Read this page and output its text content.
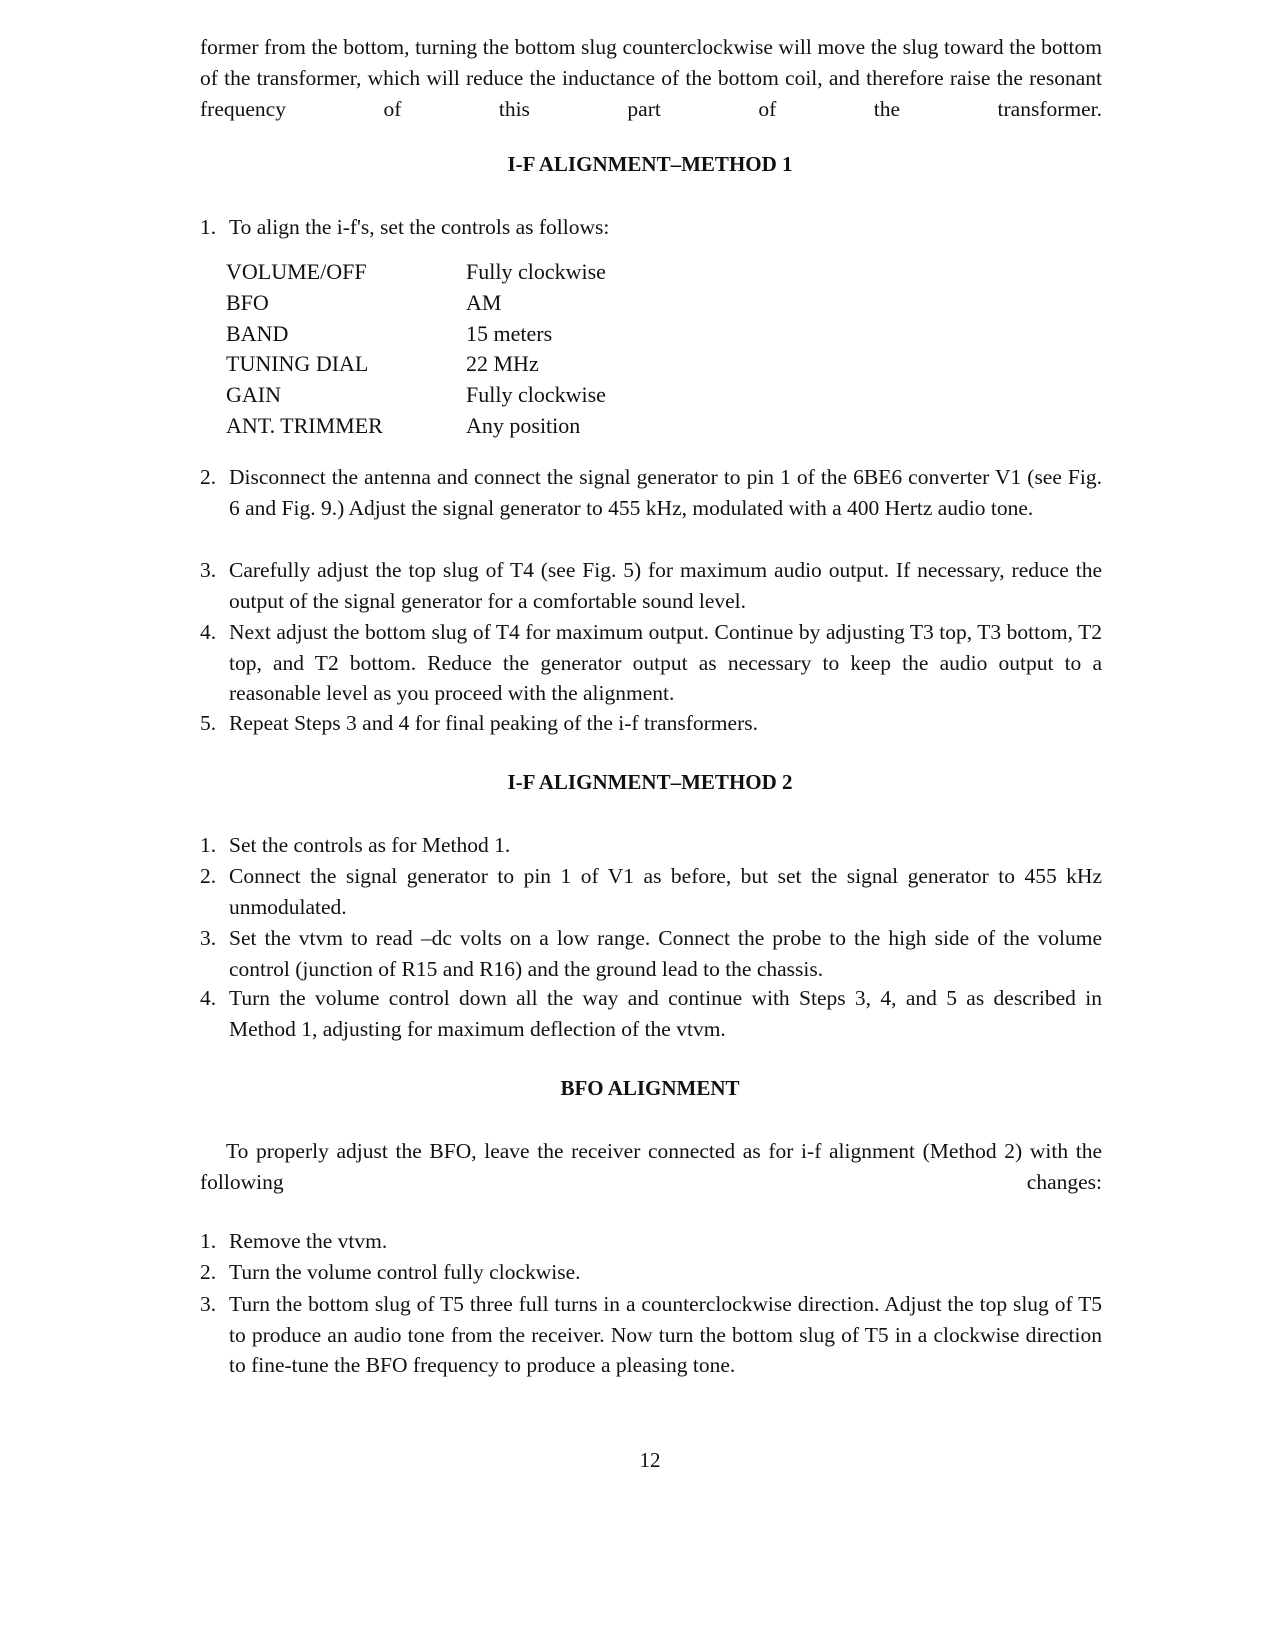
former from the bottom, turning the bottom slug counterclockwise will move the slug toward the bottom of the transformer, which will reduce the inductance of the bottom coil, and therefore raise the resonant frequency of this part of the transformer.
I-F ALIGNMENT–METHOD 1
1. To align the i-f's, set the controls as follows:
VOLUME/OFF	Fully clockwise
BFO	AM
BAND	15 meters
TUNING DIAL	22 MHz
GAIN	Fully clockwise
ANT. TRIMMER	Any position
2. Disconnect the antenna and connect the signal generator to pin 1 of the 6BE6 converter V1 (see Fig. 6 and Fig. 9.) Adjust the signal generator to 455 kHz, modulated with a 400 Hertz audio tone.
3. Carefully adjust the top slug of T4 (see Fig. 5) for maximum audio output. If necessary, reduce the output of the signal generator for a comfortable sound level.
4. Next adjust the bottom slug of T4 for maximum output. Continue by adjusting T3 top, T3 bottom, T2 top, and T2 bottom. Reduce the generator output as necessary to keep the audio output to a reasonable level as you proceed with the alignment.
5. Repeat Steps 3 and 4 for final peaking of the i-f transformers.
I-F ALIGNMENT–METHOD 2
1. Set the controls as for Method 1.
2. Connect the signal generator to pin 1 of V1 as before, but set the signal generator to 455 kHz unmodulated.
3. Set the vtvm to read –dc volts on a low range. Connect the probe to the high side of the volume control (junction of R15 and R16) and the ground lead to the chassis.
4. Turn the volume control down all the way and continue with Steps 3, 4, and 5 as described in Method 1, adjusting for maximum deflection of the vtvm.
BFO ALIGNMENT
To properly adjust the BFO, leave the receiver connected as for i-f alignment (Method 2) with the following changes:
1. Remove the vtvm.
2. Turn the volume control fully clockwise.
3. Turn the bottom slug of T5 three full turns in a counterclockwise direction. Adjust the top slug of T5 to produce an audio tone from the receiver. Now turn the bottom slug of T5 in a clockwise direction to fine-tune the BFO frequency to produce a pleasing tone.
12
